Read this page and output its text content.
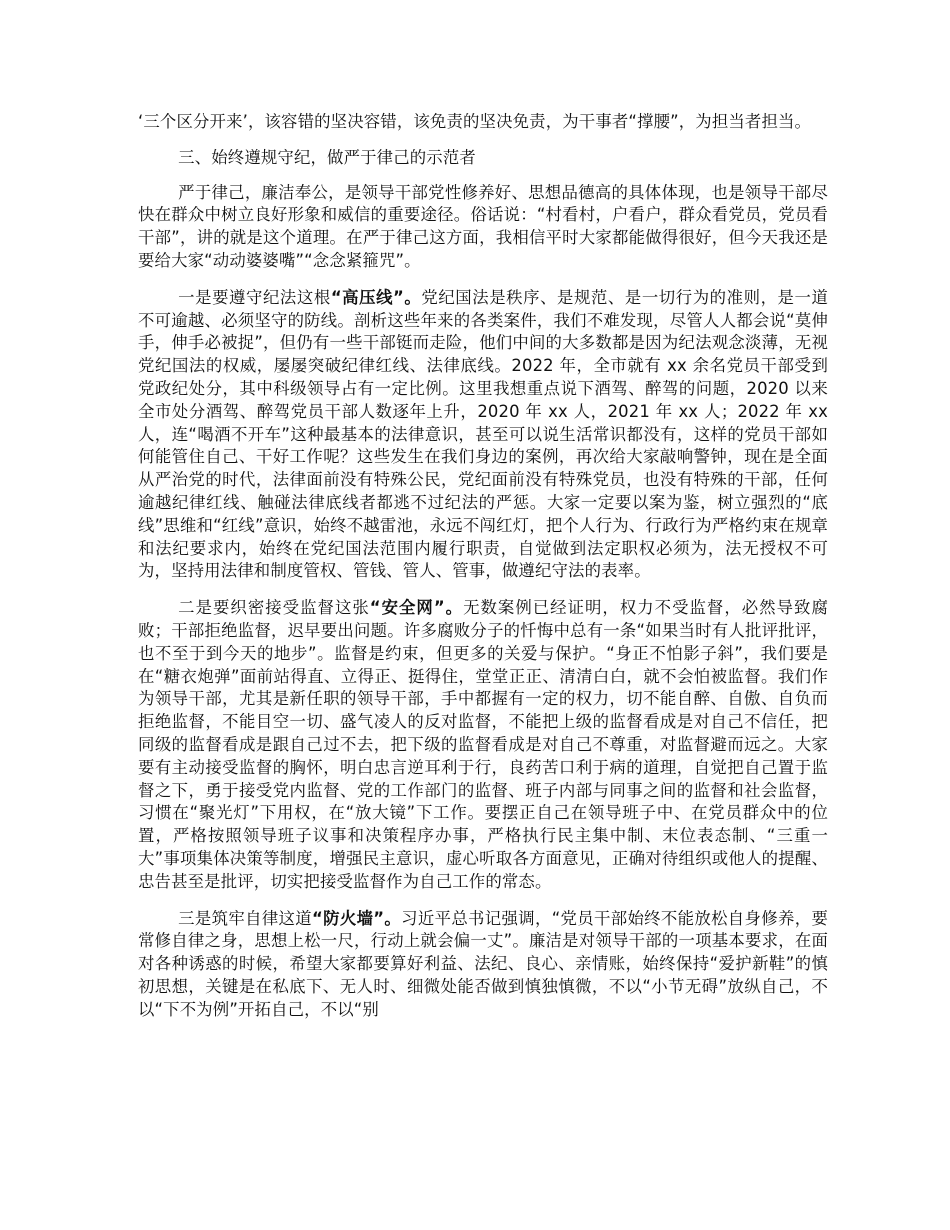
‘三个区分开来’，该容错的坚决容错，该免责的坚决免责，为干事者“撑腰”，为担当者担当。

三、始终遵规守纪，做严于律己的示范者

严于律己，廉洁奉公，是领导干部党性修养好、思想品德高的具体体现，也是领导干部尽快在群众中树立良好形象和威信的重要途径。俗话说：“村看村，户看户，群众看党员，党员看干部”，讲的就是这个道理。在严于律己这方面，我相信平时大家都能做得很好，但今天我还是要给大家“动动婆婆嘴”“念念紧箍咒”。

一是要遵守纪法这根“高压线”。党纪国法是秩序、是规范、是一切行为的准则，是一道不可逾越、必须坚守的防线。剖析这些年来的各类案件，我们不难发现，尽管人人都会说“莫伸手，伸手必被捉”，但仍有一些干部铤而走险，他们中间的大多数都是因为纪法观念淡薄，无视党纪国法的权威，屡屡突破纪律红线、法律底线。2022 年，全市就有 xx 余名党员干部受到党政纪处分，其中科级领导占有一定比例。这里我想重点说下酒驾、醉驾的问题，2020 以来全市处分酒驾、醉驾党员干部人数逐年上升，2020 年 xx 人，2021 年 xx 人；2022 年 xx 人，连“喝酒不开车”这种最基本的法律意识，甚至可以说生活常识都没有，这样的党员干部如何能管住自己、干好工作呢？这些发生在我们身边的案例，再次给大家敲响警钟，现在是全面从严治党的时代，法律面前没有特殊公民，党纪面前没有特殊党员，也没有特殊的干部，任何逾越纪律红线、触碰法律底线者都逃不过纪法的严惩。大家一定要以案为鉴，树立强烈的“底线”思维和“红线”意识，始终不越雷池，永远不闯红灯，把个人行为、行政行为严格约束在规章和法纪要求内，始终在党纪国法范围内履行职责，自觉做到法定职权必须为，法无授权不可为，坚持用法律和制度管权、管钱、管人、管事，做遵纪守法的表率。

二是要织密接受监督这张“安全网”。无数案例已经证明，权力不受监督，必然导致腐败；干部拒绝监督，迟早要出问题。许多腐败分子的忏悔中总有一条“如果当时有人批评批评，也不至于到今天的地步”。监督是约束，但更多的关爱与保护。“身正不怕影子斜”，我们要是在“糖衣炮弹”面前站得直、立得正、挺得住，堂堂正正、清清白白，就不会怕被监督。我们作为领导干部，尤其是新任职的领导干部，手中都握有一定的权力，切不能自醉、自傲、自负而拒绝监督，不能目空一切、盛气凌人的反对监督，不能把上级的监督看成是对自己不信任，把同级的监督看成是跟自己过不去，把下级的监督看成是对自己不尊重，对监督避而远之。大家要有主动接受监督的胸怀，明白忠言逆耳利于行，良药苦口利于病的道理，自觉把自己置于监督之下，勇于接受党内监督、党的工作部门的监督、班子内部与同事之间的监督和社会监督，习惯在“聚光灯”下用权，在“放大镜”下工作。要摆正自己在领导班子中、在党员群众中的位置，严格按照领导班子议事和决策程序办事，严格执行民主集中制、末位表态制、“三重一大”事项集体决策等制度，增强民主意识，虚心听取各方面意见，正确对待组织或他人的提醒、忠告甚至是批评，切实把接受监督作为自己工作的常态。

三是筑牢自律这道“防火墙”。习近平总书记强调，“党员干部始终不能放松自身修养，要常修自律之身，思想上松一尺，行动上就会偏一丈”。廉洁是对领导干部的一项基本要求，在面对各种诱惑的时候，希望大家都要算好利益、法纪、良心、亲情账，始终保持“爱护新鞋”的慎初思想，关键是在私底下、无人时、细微处能否做到慎独慎微，不以“小节无碍”放纵自己，不以“下不为例”开拓自己，不以“别
